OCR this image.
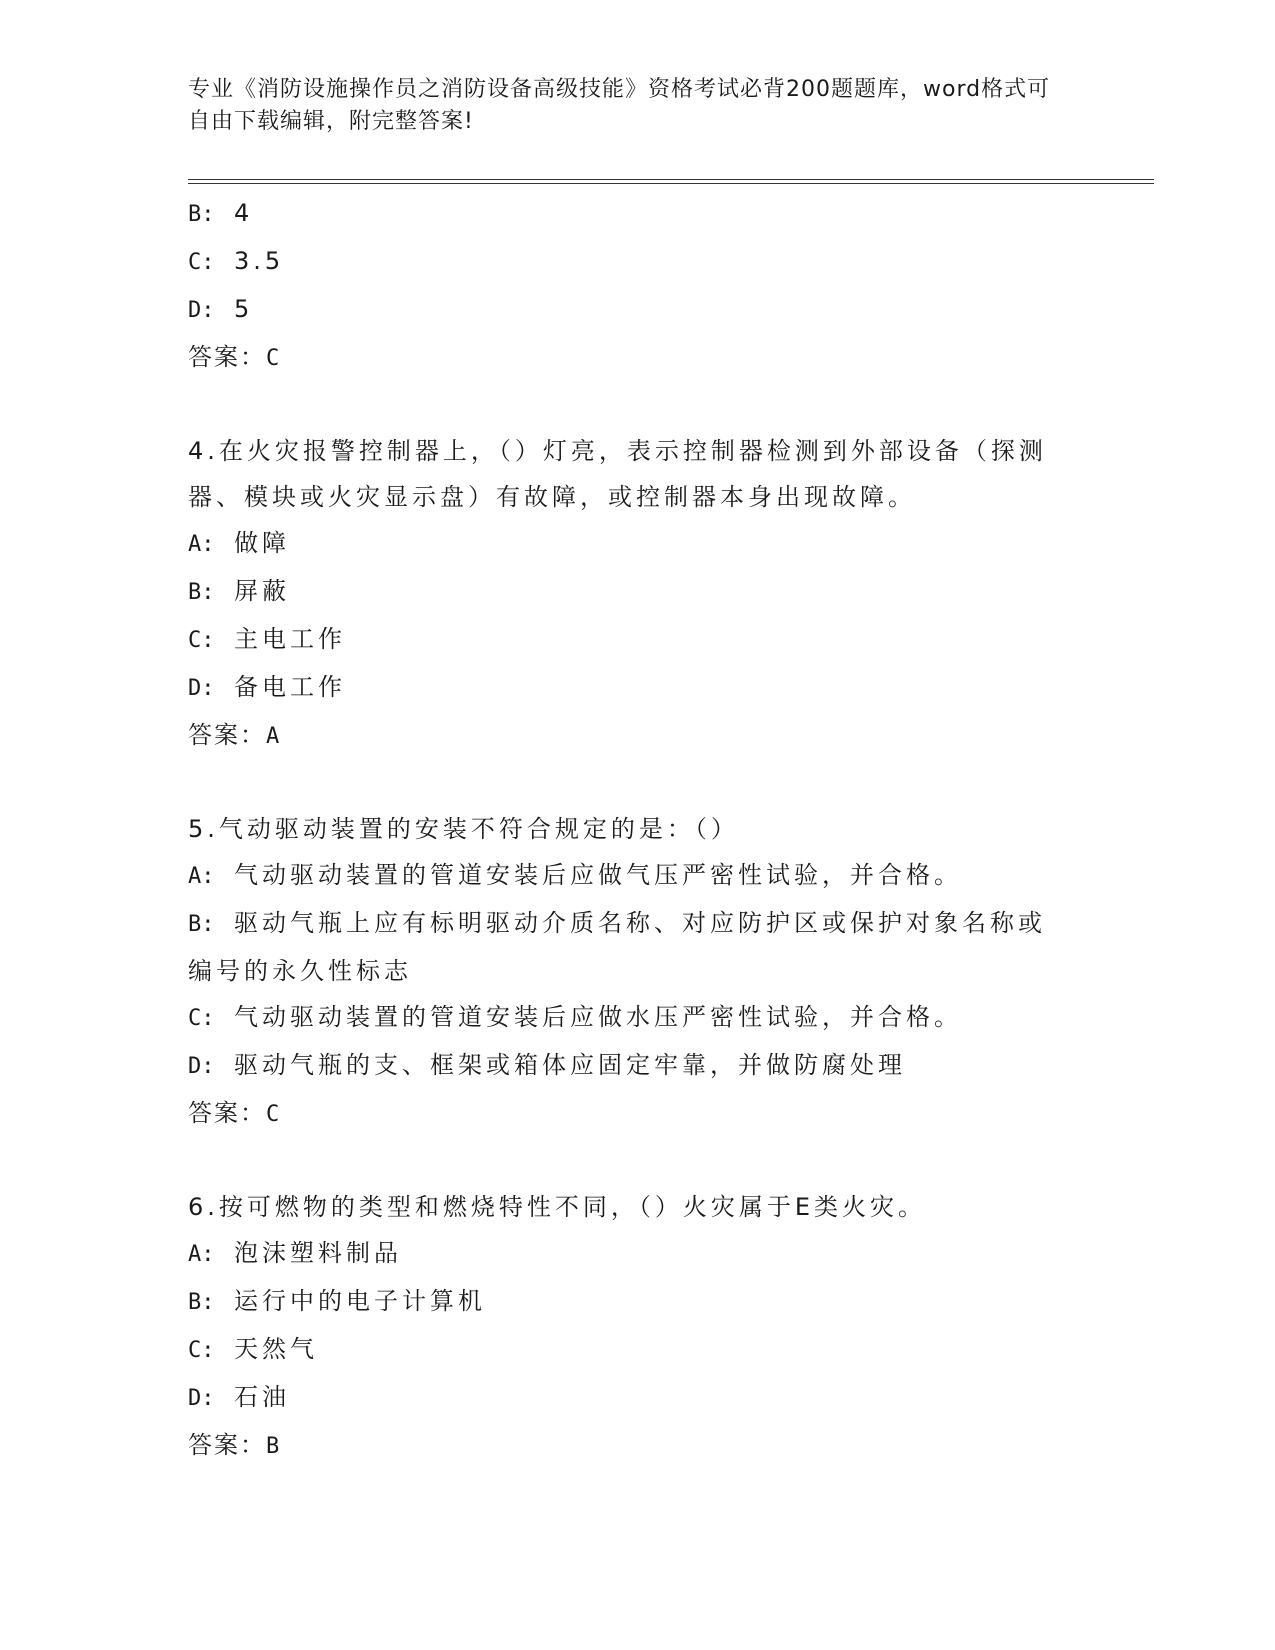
专业《消防设施操作员之消防设备高级技能》资格考试必背200题题库，word格式可自由下载编辑，附完整答案!
B: 4
C: 3.5
D: 5
答案：C
4.在火灾报警控制器上，（）灯亮，表示控制器检测到外部设备（探测器、模块或火灾显示盘）有故障，或控制器本身出现故障。
A: 做障
B: 屏蔽
C: 主电工作
D: 备电工作
答案：A
5.气动驱动装置的安装不符合规定的是：（）
A: 气动驱动装置的管道安装后应做气压严密性试验，并合格。
B: 驱动气瓶上应有标明驱动介质名称、对应防护区或保护对象名称或编号的永久性标志
C: 气动驱动装置的管道安装后应做水压严密性试验，并合格。
D: 驱动气瓶的支、框架或箱体应固定牢靠，并做防腐处理
答案：C
6.按可燃物的类型和燃烧特性不同，（）火灾属于E类火灾。
A: 泡沫塑料制品
B: 运行中的电子计算机
C: 天然气
D: 石油
答案：B
